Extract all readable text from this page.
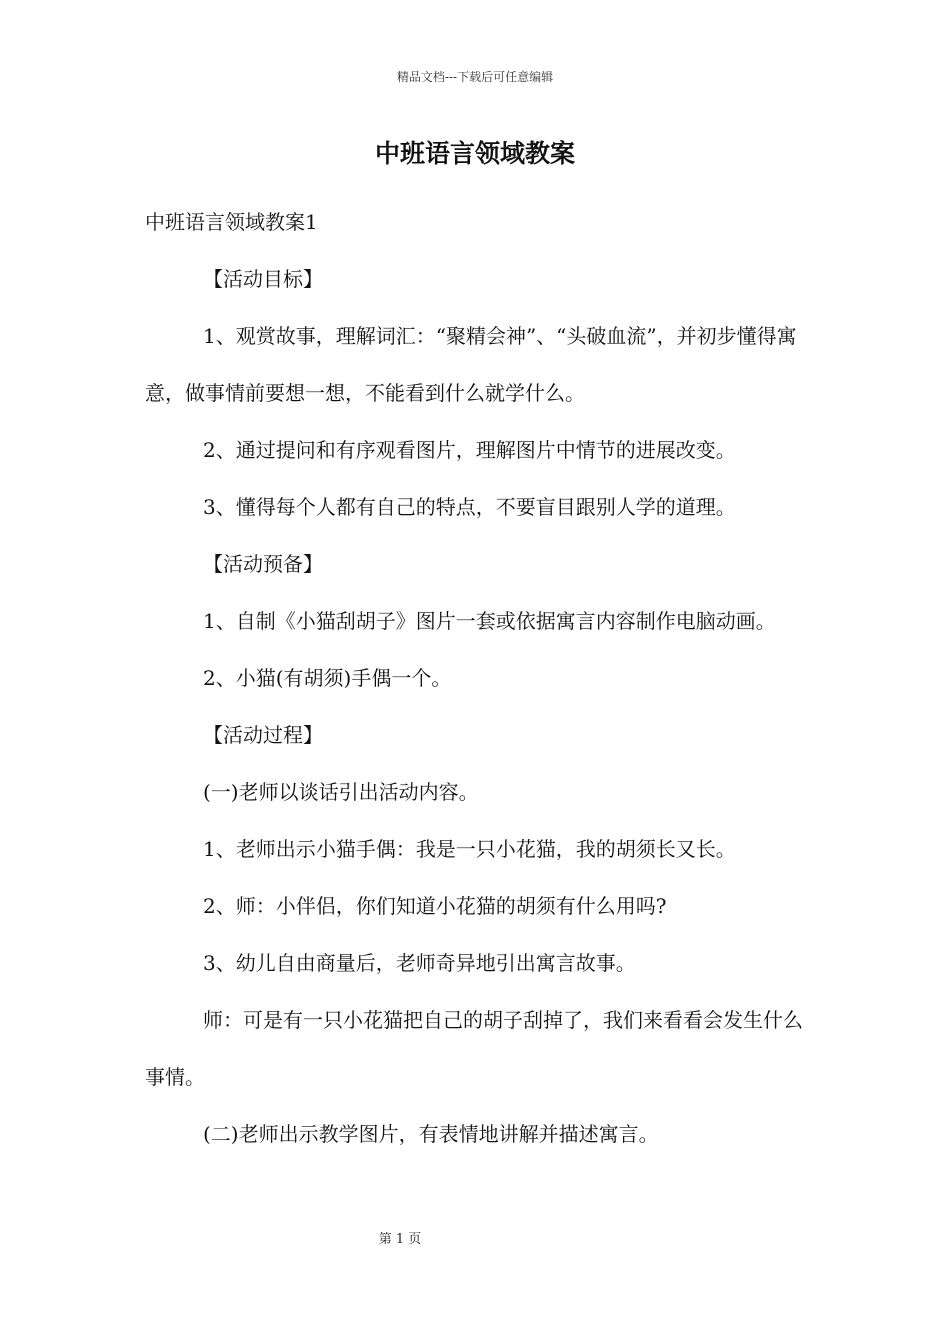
精品文档---下载后可任意编辑
中班语言领域教案

中班语言领域教案1

【活动目标】

1、观赏故事，理解词汇：“聚精会神”、“头破血流”，并初步懂得寓意，做事情前要想一想，不能看到什么就学什么。

2、通过提问和有序观看图片，理解图片中情节的进展改变。

3、懂得每个人都有自己的特点，不要盲目跟别人学的道理。

【活动预备】

1、自制《小猫刮胡子》图片一套或依据寓言内容制作电脑动画。

2、小猫(有胡须)手偶一个。

【活动过程】

(一)老师以谈话引出活动内容。

1、老师出示小猫手偶：我是一只小花猫，我的胡须长又长。

2、师：小伴侣，你们知道小花猫的胡须有什么用吗?

3、幼儿自由商量后，老师奇异地引出寓言故事。

师：可是有一只小花猫把自己的胡子刮掉了，我们来看看会发生什么事情。

(二)老师出示教学图片，有表情地讲解并描述寓言。

第 1 页
